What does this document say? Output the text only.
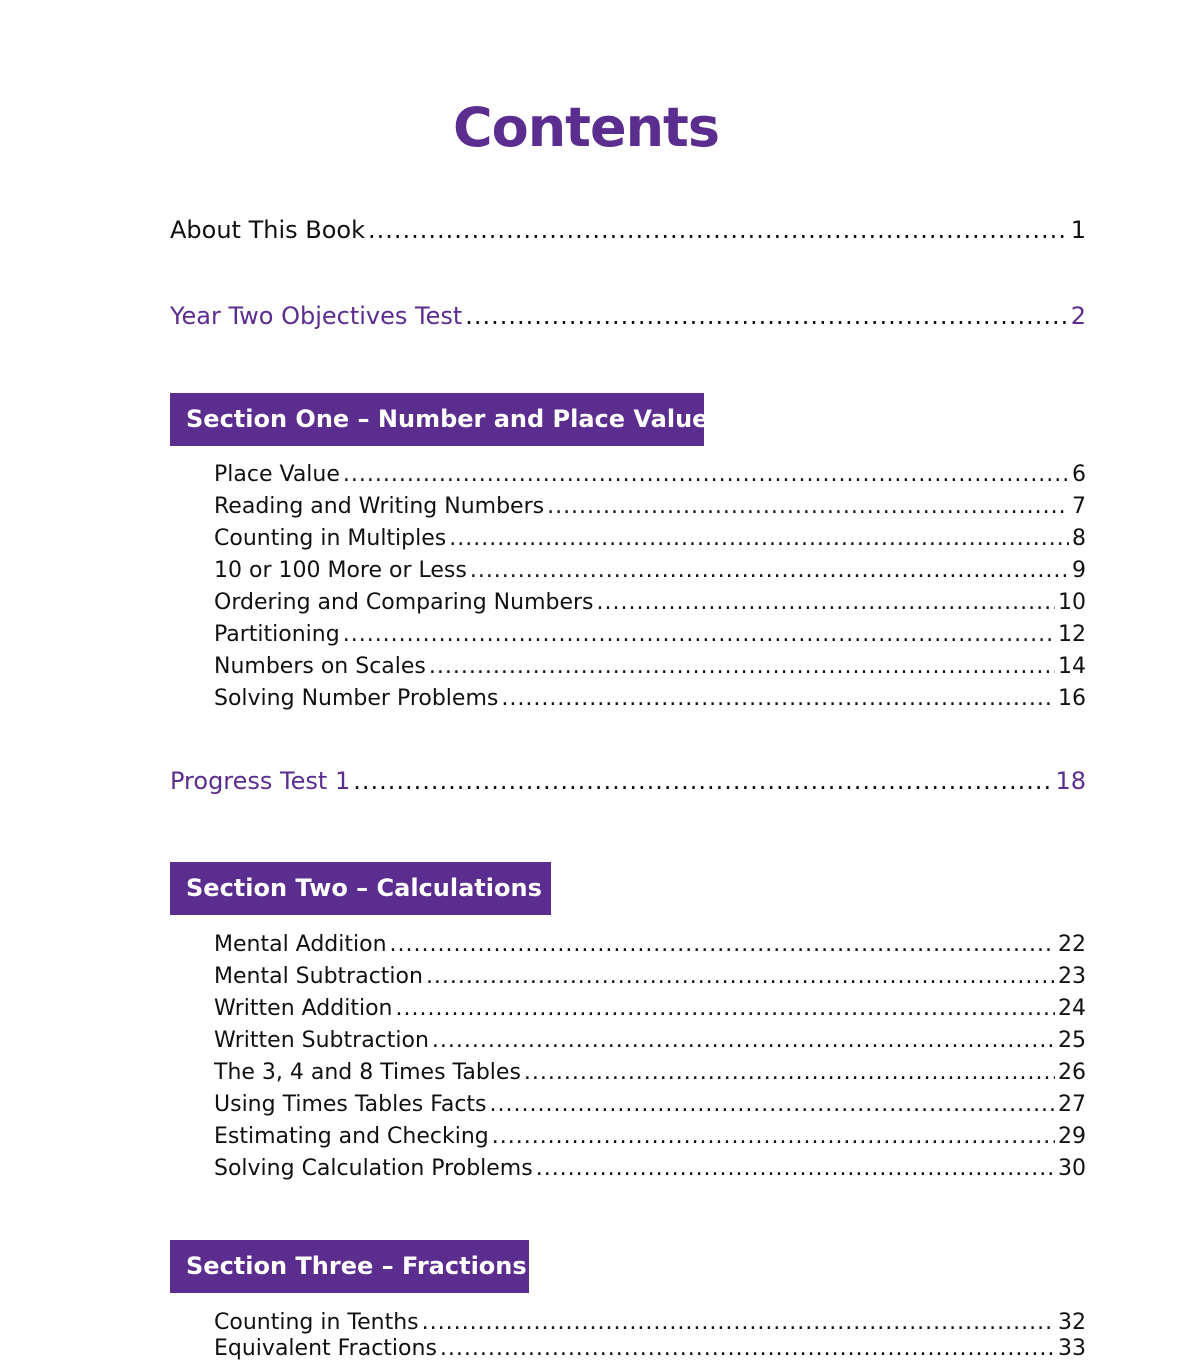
Contents
About This Book .....	1
Year Two Objectives Test .....	2
Section One – Number and Place Value
Place Value .....	6
Reading and Writing Numbers .....	7
Counting in Multiples .....	8
10 or 100 More or Less .....	9
Ordering and Comparing Numbers .....	10
Partitioning .....	12
Numbers on Scales .....	14
Solving Number Problems .....	16
Progress Test 1 .....	18
Section Two – Calculations
Mental Addition .....	22
Mental Subtraction .....	23
Written Addition .....	24
Written Subtraction .....	25
The 3, 4 and 8 Times Tables .....	26
Using Times Tables Facts .....	27
Estimating and Checking .....	29
Solving Calculation Problems .....	30
Section Three – Fractions
Counting in Tenths .....	32
Equivalent Fractions .....	33
